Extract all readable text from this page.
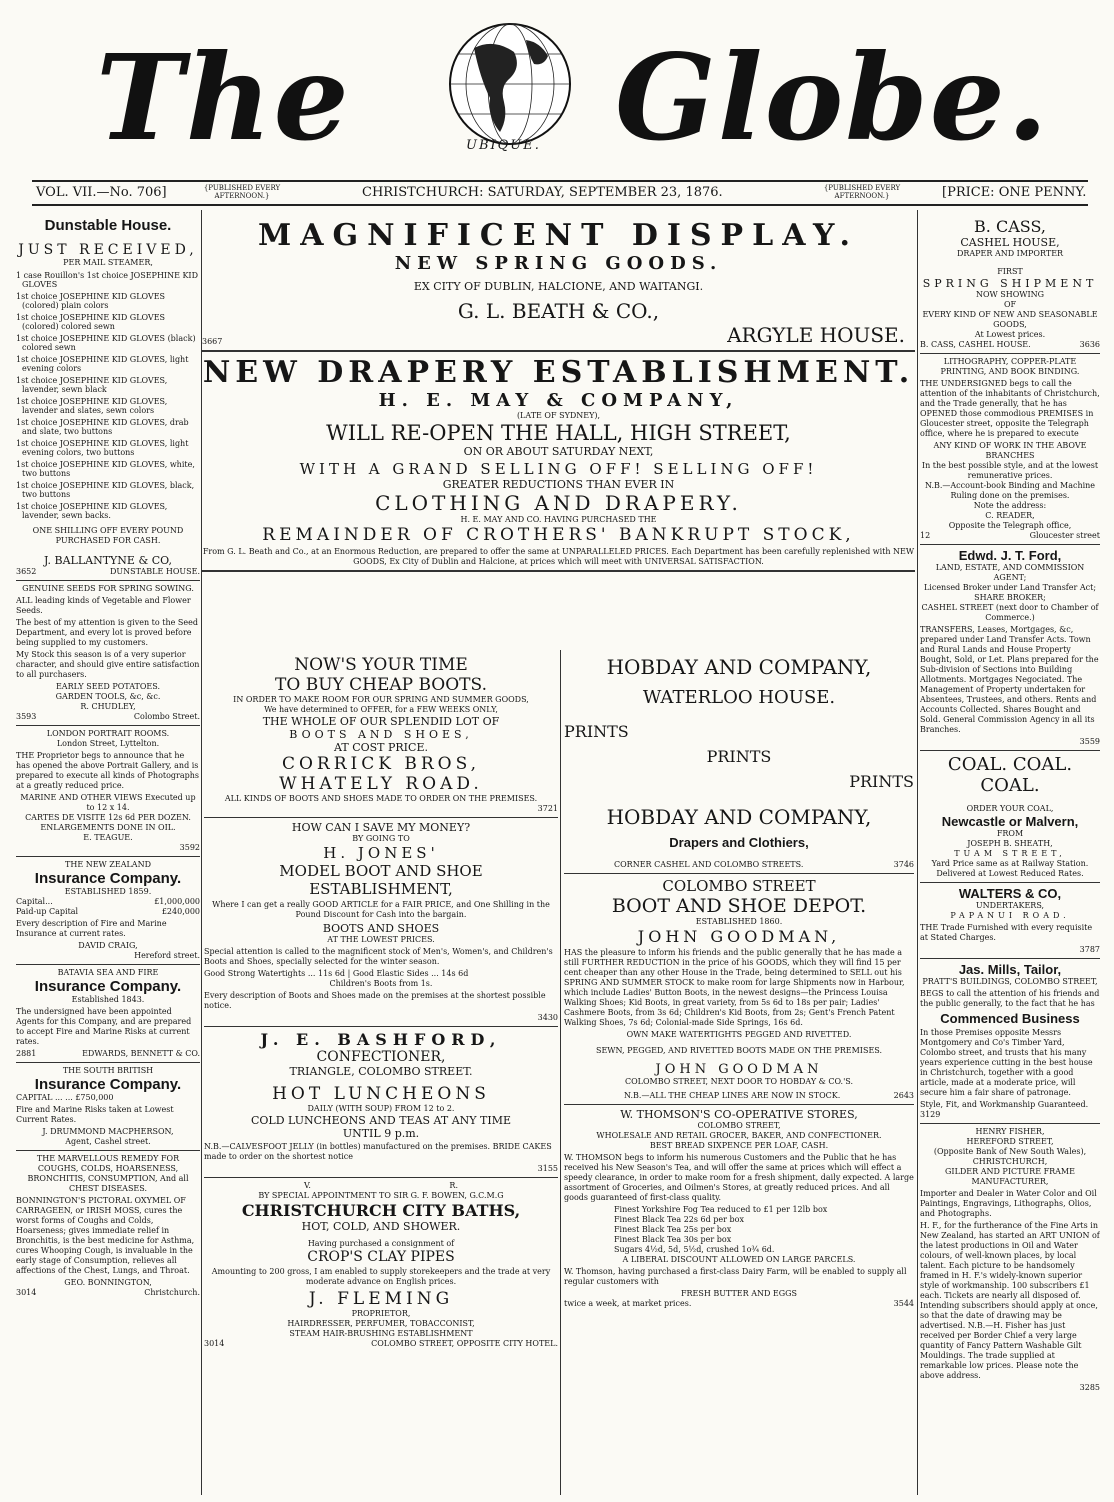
The	UBIQUE. Globe.
VOL. VII.—No. 706]	{PUBLISHED EVERY AFTERNOON.}	CHRISTCHURCH: SATURDAY, SEPTEMBER 23, 1876.	{PUBLISHED EVERY AFTERNOON.}	[PRICE: ONE PENNY.
Dunstable House.
JUST RECEIVED,
PER MAIL STEAMER,
1 case Rouillon's 1st choice JOSEPHINE KID GLOVES
1st choice JOSEPHINE KID GLOVES (colored) plain colors
1st choice JOSEPHINE KID GLOVES (colored) colored sewn
1st choice JOSEPHINE KID GLOVES (black) colored sewn
1st choice JOSEPHINE KID GLOVES, light evening colors
1st choice JOSEPHINE KID GLOVES, lavender, sewn black
1st choice JOSEPHINE KID GLOVES, lavender and slates, sewn colors
1st choice JOSEPHINE KID GLOVES, drab and slate, two buttons
1st choice JOSEPHINE KID GLOVES, light evening colors, two buttons
1st choice JOSEPHINE KID GLOVES, white, two buttons
1st choice JOSEPHINE KID GLOVES, black, two buttons
1st choice JOSEPHINE KID GLOVES, lavender, sewn backs.
ONE SHILLING OFF EVERY POUND PURCHASED FOR CASH.
J. BALLANTYNE & CO,
3652	DUNSTABLE HOUSE.
GENUINE SEEDS FOR SPRING SOWING.

ALL leading kinds of Vegetable and Flower Seeds.

The best of my attention is given to the Seed Department, and every lot is proved before being supplied to my customers.

My Stock this season is of a very superior character, and should give entire satisfaction to all purchasers.

EARLY SEED POTATOES.
GARDEN TOOLS, &c, &c.
R. CHUDLEY,
3593	Colombo Street.
LONDON PORTRAIT ROOMS.
London Street, Lyttelton.

THE Proprietor begs to announce that he has opened the above Portrait Gallery, and is prepared to execute all kinds of Photographs at a greatly reduced price.

MARINE AND OTHER VIEWS Executed up to 12 x 14.
CARTES DE VISITE 12s 6d PER DOZEN.
ENLARGEMENTS DONE IN OIL.
E. TEAGUE.
3592
THE NEW ZEALAND
Insurance Company.
ESTABLISHED 1859.
Capital...	£1,000,000
Paid-up Capital	£240,000

Every description of Fire and Marine Insurance at current rates.

DAVID CRAIG,
Hereford street.
BATAVIA SEA AND FIRE
Insurance Company.
Established 1843.

The undersigned have been appointed Agents for this Company, and are prepared to accept Fire and Marine Risks at current rates.

2881	EDWARDS, BENNETT & CO.
THE SOUTH BRITISH
Insurance Company.
CAPITAL ... ... £750,000

Fire and Marine Risks taken at Lowest Current Rates.

J. DRUMMOND MACPHERSON,
Agent, Cashel street.
THE MARVELLOUS REMEDY FOR COUGHS, COLDS, HOARSENESS, BRONCHITIS, CONSUMPTION, And all CHEST DISEASES.

BONNINGTON'S PICTORAL OXYMEL OF CARRAGEEN, or IRISH MOSS, cures the worst forms of Coughs and Colds, Hoarseness; gives immediate relief in Bronchitis, is the best medicine for Asthma, cures Whooping Cough, is invaluable in the early stage of Consumption, relieves all affections of the Chest, Lungs, and Throat.

GEO. BONNINGTON,
3014	Christchurch.
MAGNIFICENT DISPLAY.
NEW SPRING GOODS.
EX CITY OF DUBLIN, HALCIONE, AND WAITANGI.
G. L. BEATH & CO.,
3667	ARGYLE HOUSE.
NEW DRAPERY ESTABLISHMENT.
H. E. MAY & COMPANY,
(LATE OF SYDNEY),
WILL RE-OPEN THE HALL, HIGH STREET,
ON OR ABOUT SATURDAY NEXT,
WITH A GRAND SELLING OFF! SELLING OFF!
GREATER REDUCTIONS THAN EVER IN
CLOTHING AND DRAPERY.
H. E. MAY AND CO. HAVING PURCHASED THE
REMAINDER OF CROTHERS' BANKRUPT STOCK,

From G. L. Beath and Co., at an Enormous Reduction, are prepared to offer the same at UNPARALLELED PRICES. Each Department has been carefully replenished with NEW GOODS, Ex City of Dublin and Halcione, at prices which will meet with UNIVERSAL SATISFACTION.

NOW'S YOUR TIME
TO BUY CHEAP BOOTS.
IN ORDER TO MAKE ROOM FOR OUR SPRING AND SUMMER GOODS,
We have determined to OFFER, for a FEW WEEKS ONLY,
THE WHOLE OF OUR SPLENDID LOT OF
BOOTS AND SHOES,
AT COST PRICE.
CORRICK BROS,
WHATELY ROAD.
ALL KINDS OF BOOTS AND SHOES MADE TO ORDER ON THE PREMISES.
3721
HOW CAN I SAVE MY MONEY?
BY GOING TO
H. JONES'
MODEL BOOT AND SHOE
ESTABLISHMENT,

Where I can get a really GOOD ARTICLE for a FAIR PRICE, and One Shilling in the Pound Discount for Cash into the bargain.

BOOTS AND SHOES
AT THE LOWEST PRICES.

Special attention is called to the magnificent stock of Men's, Women's, and Children's Boots and Shoes, specially selected for the winter season.

Good Strong Watertights ... 11s 6d | Good Elastic Sides ... 14s 6d
Children's Boots from 1s.

Every description of Boots and Shoes made on the premises at the shortest possible notice.

3430
J. E. BASHFORD,
CONFECTIONER,
TRIANGLE, COLOMBO STREET.
HOT LUNCHEONS
DAILY (WITH SOUP) FROM 12 to 2.
COLD LUNCHEONS AND TEAS AT ANY TIME
UNTIL 9 p.m.

N.B.—CALVESFOOT JELLY (in bottles) manufactured on the premises. BRIDE CAKES made to order on the shortest notice

3155
V.	R.
BY SPECIAL APPOINTMENT TO SIR G. F. BOWEN, G.C.M.G
CHRISTCHURCH CITY BATHS,
HOT, COLD, AND SHOWER.
Having purchased a consignment of
CROP'S CLAY PIPES

Amounting to 200 gross, I am enabled to supply storekeepers and the trade at very moderate advance on English prices.

J. FLEMING
PROPRIETOR,
HAIRDRESSER, PERFUMER, TOBACCONIST,
STEAM HAIR-BRUSHING ESTABLISHMENT
3014	COLOMBO STREET, OPPOSITE CITY HOTEL.
HOBDAY AND COMPANY,
WATERLOO HOUSE.
PRINTS
PRINTS
PRINTS
HOBDAY AND COMPANY,
Drapers and Clothiers,
CORNER CASHEL AND COLOMBO STREETS.	3746
COLOMBO STREET
BOOT AND SHOE DEPOT.
ESTABLISHED 1860.
JOHN GOODMAN,

HAS the pleasure to inform his friends and the public generally that he has made a still FURTHER REDUCTION in the price of his GOODS, which they will find 15 per cent cheaper than any other House in the Trade, being determined to SELL out his SPRING AND SUMMER STOCK to make room for large Shipments now in Harbour, which include Ladies' Button Boots, in the newest designs—the Princess Louisa Walking Shoes; Kid Boots, in great variety, from 5s 6d to 18s per pair; Ladies' Cashmere Boots, from 3s 6d; Children's Kid Boots, from 2s; Gent's French Patent Walking Shoes, 7s 6d; Colonial-made Side Springs, 16s 6d.

OWN MAKE WATERTIGHTS PEGGED AND RIVETTED.
SEWN, PEGGED, AND RIVETTED BOOTS MADE ON THE PREMISES.
JOHN GOODMAN
COLOMBO STREET, NEXT DOOR TO HOBDAY & CO.'S.
N.B.—ALL THE CHEAP LINES ARE NOW IN STOCK.	2643
W. THOMSON'S CO-OPERATIVE STORES,
COLOMBO STREET,
WHOLESALE AND RETAIL GROCER, BAKER, AND CONFECTIONER.
BEST BREAD SIXPENCE PER LOAF, CASH.

W. THOMSON begs to inform his numerous Customers and the Public that he has received his New Season's Tea, and will offer the same at prices which will effect a speedy clearance, in order to make room for a fresh shipment, daily expected. A large assortment of Groceries, and Oilmen's Stores, at greatly reduced prices. And all goods guaranteed of first-class quality.

Finest Yorkshire Fog Tea reduced to £1 per 12lb box
Finest Black Tea 22s 6d per box
Finest Black Tea 25s per box
Finest Black Tea 30s per box
Sugars 4½d, 5d, 5½d, crushed 1o¾ 6d.
A LIBERAL DISCOUNT ALLOWED ON LARGE PARCELS.

W. Thomson, having purchased a first-class Dairy Farm, will be enabled to supply all regular customers with

FRESH BUTTER AND EGGS
twice a week, at market prices.	3544
B. CASS,
CASHEL HOUSE,
DRAPER AND IMPORTER
FIRST
SPRING SHIPMENT
NOW SHOWING
OF
EVERY KIND OF NEW AND SEASONABLE GOODS,
At Lowest prices.
B. CASS, CASHEL HOUSE.	3636
LITHOGRAPHY, COPPER-PLATE PRINTING, AND BOOK BINDING.

THE UNDERSIGNED begs to call the attention of the inhabitants of Christchurch, and the Trade generally, that he has OPENED those commodious PREMISES in Gloucester street, opposite the Telegraph office, where he is prepared to execute

ANY KIND OF WORK IN THE ABOVE BRANCHES
In the best possible style, and at the lowest remunerative prices.
N.B.—Account-book Binding and Machine Ruling done on the premises.
Note the address:
C. READER,
Opposite the Telegraph office,
12	Gloucester street
Edwd. J. T. Ford,
LAND, ESTATE, AND COMMISSION AGENT;
Licensed Broker under Land Transfer Act;
SHARE BROKER;
CASHEL STREET (next door to Chamber of Commerce.)

TRANSFERS, Leases, Mortgages, &c, prepared under Land Transfer Acts. Town and Rural Lands and House Property Bought, Sold, or Let. Plans prepared for the Sub-division of Sections into Building Allotments. Mortgages Negociated. The Management of Property undertaken for Absentees, Trustees, and others. Rents and Accounts Collected. Shares Bought and Sold. General Commission Agency in all its Branches.

3559
COAL. COAL.
COAL.
ORDER YOUR COAL,
Newcastle or Malvern,
FROM
JOSEPH B. SHEATH,
TUAM STREET,
Yard Price same as at Railway Station.
Delivered at Lowest Reduced Rates.
WALTERS & CO,
UNDERTAKERS,
PAPANUI ROAD.

THE Trade Furnished with every requisite at Stated Charges.

3787
Jas. Mills, Tailor,
PRATT'S BUILDINGS, COLOMBO STREET,

BEGS to call the attention of his friends and the public generally, to the fact that he has

Commenced Business

In those Premises opposite Messrs Montgomery and Co's Timber Yard, Colombo street, and trusts that his many years experience cutting in the best house in Christchurch, together with a good article, made at a moderate price, will secure him a fair share of patronage.

Style, Fit, and Workmanship Guaranteed.
3129
HENRY FISHER,
HEREFORD STREET,
(Opposite Bank of New South Wales),
CHRISTCHURCH,
GILDER AND PICTURE FRAME MANUFACTURER,

Importer and Dealer in Water Color and Oil Paintings, Engravings, Lithographs, Olios, and Photographs.

H. F., for the furtherance of the Fine Arts in New Zealand, has started an ART UNION of the latest productions in Oil and Water colours, of well-known places, by local talent. Each picture to be handsomely framed in H. F.'s widely-known superior style of workmanship. 100 subscribers £1 each. Tickets are nearly all disposed of. Intending subscribers should apply at once, so that the date of drawing may be advertised. N.B.—H. Fisher has just received per Border Chief a very large quantity of Fancy Pattern Washable Gilt Mouldings. The trade supplied at remarkable low prices. Please note the above address.

3285
